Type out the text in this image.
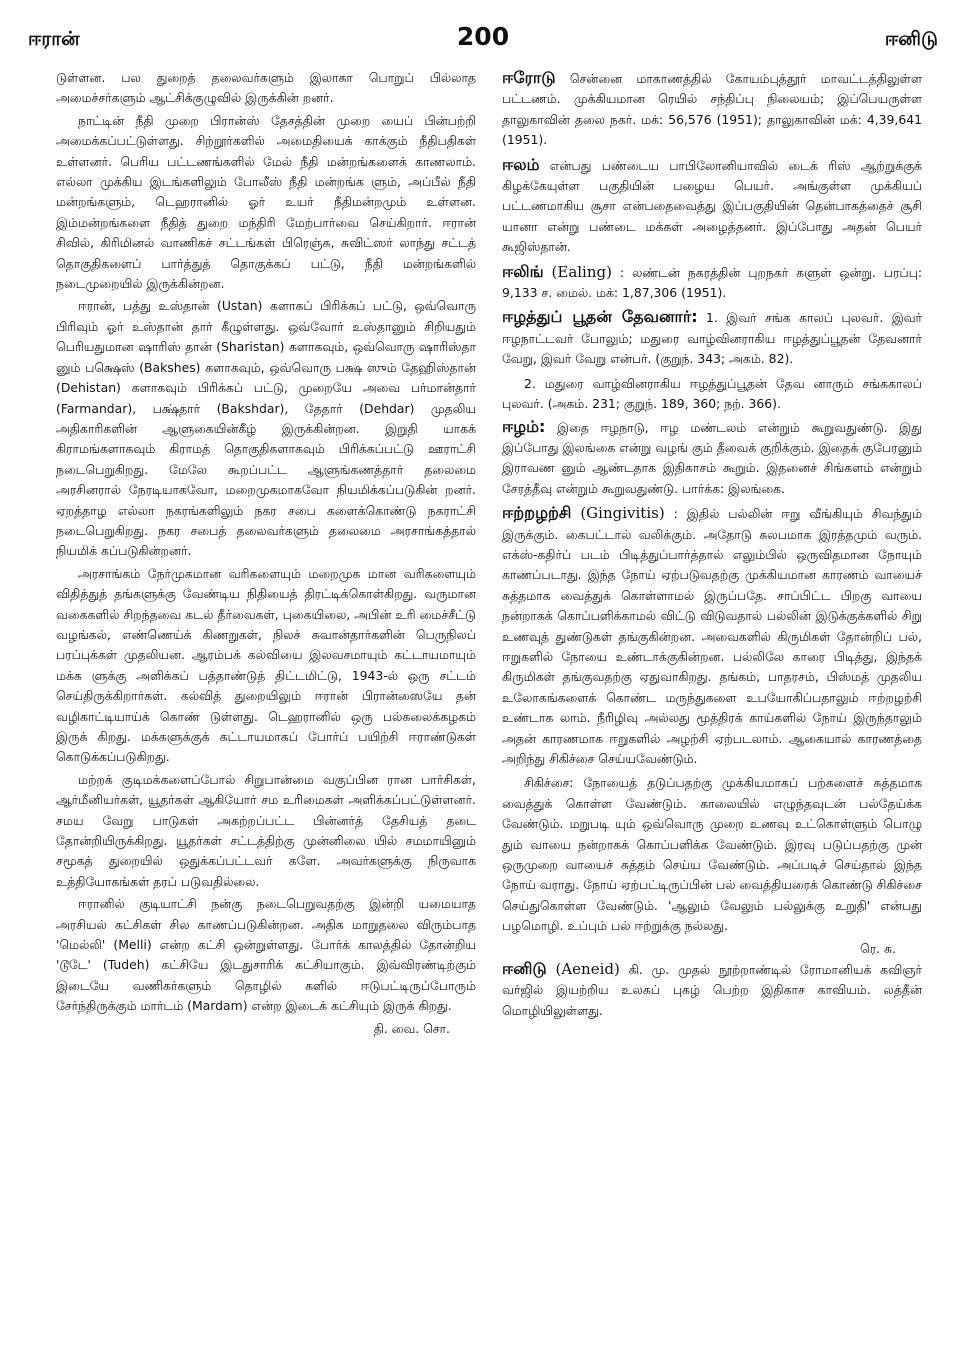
ஈரான்	200	ஈனிடு

டுள்ளன. பல துறைத் தலைவர்களும் இலாகா பொறுப் பில்லாத அமைச்சர்களும் ஆட்சிக்குழுவில் இருக்கின் றனர்.

நாட்டின் நீதி முறை பிரான்ஸ் தேசத்தின் முறை யைப் பின்பற்றி அமைக்கப்பட்டுள்ளது. சிற்றூர்களில் அமைதியைக் காக்கும் நீதிபதிகள் உள்ளனர். பெரிய பட்டணங்களில் மேல் நீதி மன்றங்களைக் காணலாம். எல்லா முக்கிய இடங்களிலும் போலீஸ் நீதி மன்றங்க ளும், அப்பீல் நீதி மன்றங்களும், டெஹரானில் ஓர் உயர் நீதிமன்றமும் உள்ளன. இம்மன்றங்களை நீதித் துறை மந்திரி மேற்பார்வை செய்கிறார். ஈரான் சிவில், கிரிமினல் வாணிகச் சட்டங்கள் பிரெஞ்சு, சுவிட்ஸர் லாந்து சட்டத் தொகுதிகளைப் பார்த்துத் தொகுக்கப் பட்டு, நீதி மன்றங்களில் நடைமுறையில் இருக்கின்றன.

ஈரான், பத்து உஸ்தான் (Ustan) களாகப் பிரிக்கப் பட்டு, ஒவ்வொரு பிரிவும் ஓர் உஸ்தான் தார் கீழுள்ளது. ஒவ்வோர் உஸ்தானும் சிறியதும் பெரியதுமான ஷாரிஸ் தான் (Sharistan) களாகவும், ஒவ்வொரு ஷாரிஸ்தா னும் பக்ஷெஸ் (Bakshes) களாகவும், ஒவ்வொரு பக்ஷ ஸும் தேஹிஸ்தான் (Dehistan) களாகவும் பிரிக்கப் பட்டு, முறையே அவை பர்மான்தார் (Farmandar), பக்ஷ்தார் (Bakshdar), தேதார் (Dehdar) முதலிய அதிகாரிகளின் ஆளுகையின்கீழ் இருக்கின்றன. இறுதி யாகக் கிராமங்களாகவும் கிராமத் தொகுதிகளாகவும் பிரிக்கப்பட்டு ஊராட்சி நடைபெறுகிறது. மேலே கூறப்பட்ட ஆளுங்கணத்தார் தலைமை அரசினரால் நேரடியாகவோ, மறைமுகமாகவோ நியமிக்கப்படுகின் றனர். ஏறத்தாழ எல்லா நகரங்களிலும் நகர சபை களைக்கொண்டு நகராட்சி நடைபெறுகிறது. நகர சபைத் தலைவர்களும் தலைமை அரசாங்கத்தால் நியமிக் கப்படுகின்றனர்.

அரசாங்கம் நேர்முகமான வரிகளையும் மறைமுக மான வரிகளையும் விதித்துத் தங்களுக்கு வேண்டிய நிதியைத் திரட்டிக்கொள்கிறது. வருமான வகைகளில் சிறந்தவை கடல் தீர்வைகள், புகையிலை, அபின் உரி மைச்சீட்டு வழங்கல், எண்ணெய்க் கிணறுகள், நிலச் சுவான்தார்களின் பெருநிலப் பரப்புக்கள் முதலியன. ஆரம்பக் கல்வியை இலவசமாயும் கட்டாயமாயும் மக்க ளுக்கு அளிக்கப் பத்தாண்டுத் திட்டமிட்டு, 1943-ல் ஒரு சட்டம் செய்திருக்கிறார்கள். கல்வித் துறையிலும் ஈரான் பிரான்ஸையே தன் வழிகாட்டியாய்க் கொண் டுள்ளது. டெஹரானில் ஒரு பல்கலைக்கழகம் இருக் கிறது. மக்களுக்குக் கட்டாயமாகப் போர்ப் பயிற்சி ஈராண்டுகள் கொடுக்கப்படுகிறது.

மற்றக் குடிமக்களைப்போல் சிறுபான்மை வகுப்பின ரான பார்சிகள், ஆர்மீனியர்கள், யூதர்கள் ஆகியோர் சம உரிமைகள் அளிக்கப்பட்டுள்ளனர். சமய வேறு பாடுகள் அகற்றப்பட்ட பின்னர்த் தேசியத் தடை தோன்றியிருக்கிறது. யூதர்கள் சட்டத்திற்கு முன்னிலை யில் சமமாயினும் சமூகத் துறையில் ஒதுக்கப்பட்டவர் களே. அவர்களுக்கு நிருவாக உத்தியோகங்கள் தரப் படுவதில்லை.

ஈரானில் குடியாட்சி நன்கு நடைபெறுவதற்கு இன்றி யமையாத அரசியல் கட்சிகள் சில காணப்படுகின்றன. அதிக மாறுதலை விரும்பாத 'மெல்லி' (Melli) என்ற கட்சி ஒன்றுள்ளது. போர்க் காலத்தில் தோன்றிய 'டூடே' (Tudeh) கட்சியே இடதுசாரிக் கட்சியாகும். இவ்விரண்டிற்கும் இடையே வணிகர்களும் தொழில் களில் ஈடுபட்டிருப்போரும் சேர்ந்திருக்கும் மார்டம் (Mardam) என்ற இடைக் கட்சியும் இருக் கிறது.

தி. வை. சொ.
ஈரோடு சென்னை மாகாணத்தில் கோயம்புத்தூர் மாவட்டத்திலுள்ள பட்டணம். முக்கியமான ரெயில் சந்திப்பு நிலையம்; இப்பெயருள்ள தாலுகாவின் தலை நகர். மக்: 56,576 (1951); தாலுகாவின் மக்: 4,39,641 (1951).
ஈலம் என்பது பண்டைய பாபிலோனியாவில் டைக் ரிஸ் ஆற்றுக்குக் கிழக்கேயுள்ள பகுதியின் பழைய பெயர். அங்குள்ள முக்கியப் பட்டணமாகிய சூசா என்பதைவைத்து இப்பகுதியின் தென்பாகத்தைச் சூசி யானா என்று பண்டை மக்கள் அழைத்தனர். இப்போது அதன் பெயர் கூஜிஸ்தான்.
ஈலிங் (Ealing) : லண்டன் நகரத்தின் புறநகர் களுள் ஒன்று. பரப்பு: 9,133 ச. மைல். மக்: 1,87,306 (1951).
ஈழத்துப் பூதன் தேவனார்: 1. இவர் சங்க காலப் புலவர். இவர் ஈழநாட்டவர் போலும்; மதுரை வாழ்வினராகிய ஈழத்துப்பூதன் தேவனார் வேறு, இவர் வேறு என்பர். (குறுந். 343; அகம். 82).

2. மதுரை வாழ்வினராகிய ஈழத்துப்பூதன் தேவ னாரும் சங்ககாலப் புலவர். (அகம். 231; குறுந். 189, 360; நற். 366).

ஈழம்: இதை ஈழநாடு, ஈழ மண்டலம் என்றும் கூறுவதுண்டு. இது இப்போது இலங்கை என்று வழங் கும் தீவைக் குறிக்கும். இதைக் குபேரனும் இராவண னும் ஆண்டதாக இதிகாசம் கூறும். இதனைச் சிங்களம் என்றும் சேரத்தீவு என்றும் கூறுவதுண்டு. பார்க்க: இலங்கை.
ஈற்றழற்சி (Gingivitis) : இதில் பல்லின் ஈறு வீங்கியும் சிவந்தும் இருக்கும். கைபட்டால் வலிக்கும். அதோடு சுலபமாக இரத்தமும் வரும். எக்ஸ்-கதிர்ப் படம் பிடித்துப்பார்த்தால் எலும்பில் ஒருவிதமான நோயும் காணப்படாது. இந்த நோய் ஏற்படுவதற்கு முக்கியமான காரணம் வாயைச் சுத்தமாக வைத்துக் கொள்ளாமல் இருப்பதே. சாப்பிட்ட பிறகு வாயை நன்றாகக் கொப்பளிக்காமல் விட்டு விடுவதால் பல்லின் இடுக்குக்களில் சிறு உணவுத் துண்டுகள் தங்குகின்றன. அவைகளில் கிருமிகள் தோன்றிப் பல், ஈறுகளில் நோயை உண்டாக்குகின்றன. பல்லிலே காரை பிடித்து, இந்தக் கிருமிகள் தங்குவதற்கு ஏதுவாகிறது. தங்கம், பாதரசம், பிஸ்மத் முதலிய உலோகங்களைக் கொண்ட மருந்துகளை உபயோகிப்பதாலும் ஈற்றழற்சி உண்டாக லாம். நீரிழிவு அல்லது மூத்திரக் காய்களில் நோய் இருந்தாலும் அதன் காரணமாக ஈறுகளில் அழற்சி ஏற்படலாம். ஆகையால் காரணத்தை அறிந்து சிகிச்சை செய்யவேண்டும்.

சிகிச்சை: நோயைத் தடுப்பதற்கு முக்கியமாகப் பற்களைச் சுத்தமாக வைத்துக் கொள்ள வேண்டும். காலையில் எழுந்தவுடன் பல்தேய்க்க வேண்டும். மறுபடி யும் ஒவ்வொரு முறை உணவு உட்கொள்ளும் பொழு தும் வாயை நன்றாகக் கொப்பளிக்க வேண்டும். இரவு படுப்பதற்கு முன் ஒருமுறை வாயைச் சுத்தம் செய்ய வேண்டும். அப்படிச் செய்தால் இந்த நோய் வராது. நோய் ஏற்பட்டிருப்பின் பல் வைத்தியரைக் கொண்டு சிகிச்சை செய்துகொள்ள வேண்டும். 'ஆலும் வேலும் பல்லுக்கு உறுதி' என்பது பழமொழி. உப்பும் பல் ஈற்றுக்கு நல்லது.

ரெ. சு.
ஈனிடு (Aeneid) கி. மு. முதல் நூற்றாண்டில் ரோமானியக் கவிஞர் வர்ஜில் இயற்றிய உலகப் புகழ் பெற்ற இதிகாச காவியம். லத்தீன் மொழியிலுள்ளது.
